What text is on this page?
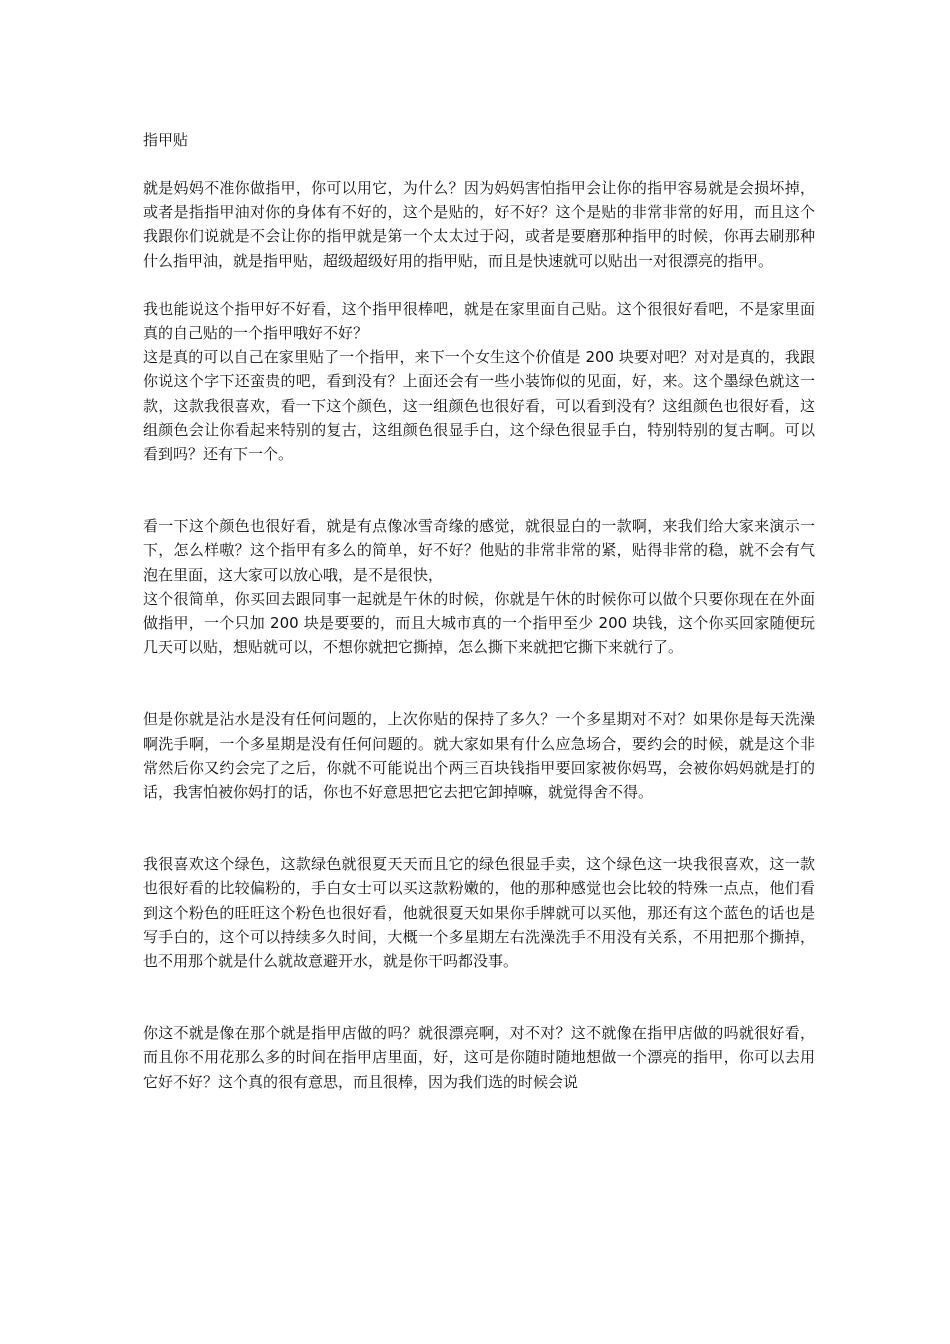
指甲贴

就是妈妈不准你做指甲，你可以用它，为什么？因为妈妈害怕指甲会让你的指甲容易就是会损坏掉，或者是指指甲油对你的身体有不好的，这个是贴的，好不好？这个是贴的非常非常的好用，而且这个我跟你们说就是不会让你的指甲就是第一个太太过于闷，或者是要磨那种指甲的时候，你再去刷那种什么指甲油，就是指甲贴，超级超级好用的指甲贴，而且是快速就可以贴出一对很漂亮的指甲。

我也能说这个指甲好不好看，这个指甲很棒吧，就是在家里面自己贴。这个很很好看吧，不是家里面真的自己贴的一个指甲哦好不好？

这是真的可以自己在家里贴了一个指甲，来下一个女生这个价值是 200 块要对吧？对对是真的，我跟你说这个字下还蛮贵的吧，看到没有？上面还会有一些小装饰似的见面，好，来。这个墨绿色就这一款，这款我很喜欢，看一下这个颜色，这一组颜色也很好看，可以看到没有？这组颜色也很好看，这组颜色会让你看起来特别的复古，这组颜色很显手白，这个绿色很显手白，特别特别的复古啊。可以看到吗？还有下一个。

看一下这个颜色也很好看，就是有点像冰雪奇缘的感觉，就很显白的一款啊，来我们给大家来演示一下，怎么样嗷？这个指甲有多么的简单，好不好？他贴的非常非常的紧，贴得非常的稳，就不会有气泡在里面，这大家可以放心哦，是不是很快，

这个很简单，你买回去跟同事一起就是午休的时候，你就是午休的时候你可以做个只要你现在在外面做指甲，一个只加 200 块是要要的，而且大城市真的一个指甲至少 200 块钱，这个你买回家随便玩几天可以贴，想贴就可以，不想你就把它撕掉，怎么撕下来就把它撕下来就行了。

但是你就是沾水是没有任何问题的，上次你贴的保持了多久？一个多星期对不对？如果你是每天洗澡啊洗手啊，一个多星期是没有任何问题的。就大家如果有什么应急场合，要约会的时候，就是这个非常然后你又约会完了之后，你就不可能说出个两三百块钱指甲要回家被你妈骂，会被你妈妈就是打的话，我害怕被你妈打的话，你也不好意思把它去把它卸掉嘛，就觉得舍不得。

我很喜欢这个绿色，这款绿色就很夏天天而且它的绿色很显手卖，这个绿色这一块我很喜欢，这一款也很好看的比较偏粉的，手白女士可以买这款粉嫩的，他的那种感觉也会比较的特殊一点点，他们看到这个粉色的旺旺这个粉色也很好看，他就很夏天如果你手牌就可以买他，那还有这个蓝色的话也是写手白的，这个可以持续多久时间，大概一个多星期左右洗澡洗手不用没有关系，不用把那个撕掉，也不用那个就是什么就故意避开水，就是你干吗都没事。

你这不就是像在那个就是指甲店做的吗？就很漂亮啊，对不对？这不就像在指甲店做的吗就很好看，而且你不用花那么多的时间在指甲店里面，好，这可是你随时随地想做一个漂亮的指甲，你可以去用它好不好？这个真的很有意思，而且很棒，因为我们选的时候会说
